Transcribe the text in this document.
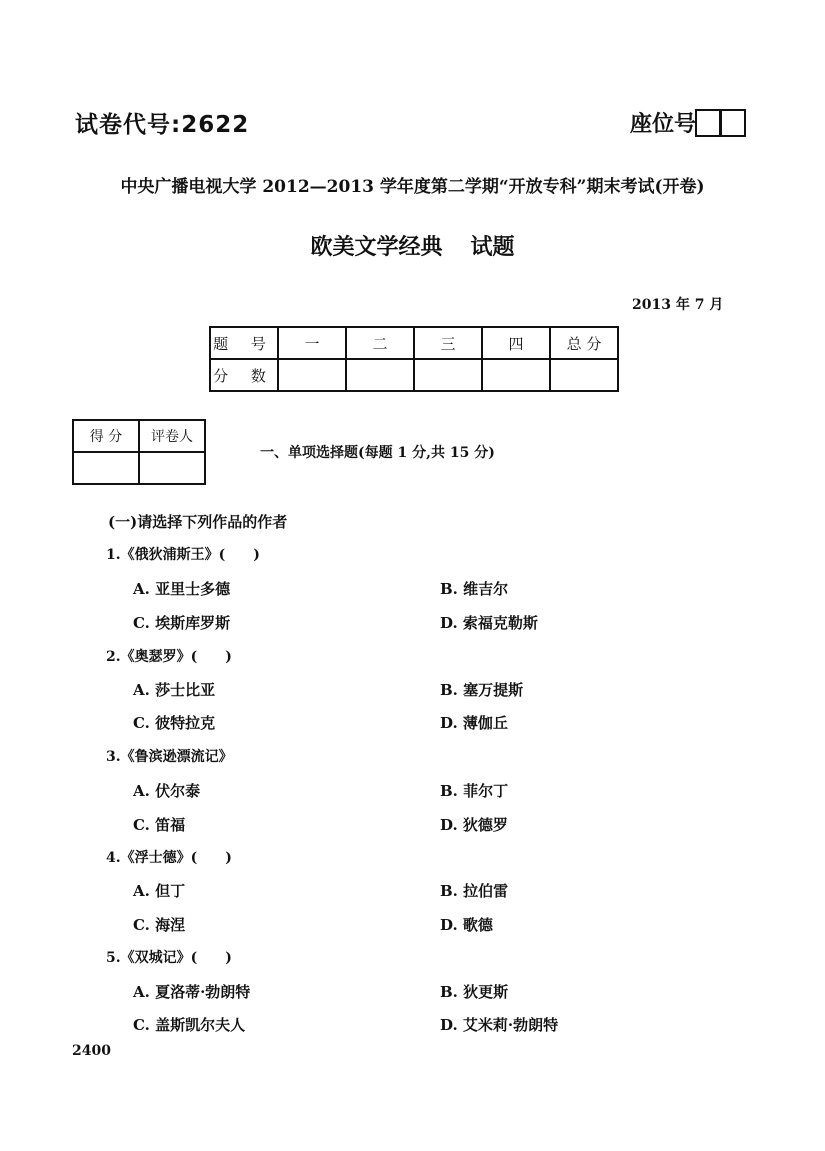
试卷代号:2622	座位号
中央广播电视大学 2012—2013 学年度第二学期“开放专科”期末考试(开卷)
欧美文学经典 试题
2013 年 7 月
题 号	一	二	三	四	总 分
分 数					
得 分	评卷人

一、单项选择题(每题 1 分,共 15 分)
(一)请选择下列作品的作者
1.《俄狄浦斯王》(　　)
A. 亚里士多德	B. 维吉尔
C. 埃斯库罗斯	D. 索福克勒斯
2.《奥瑟罗》(　　)
A. 莎士比亚	B. 塞万提斯
C. 彼特拉克	D. 薄伽丘
3.《鲁滨逊漂流记》
A. 伏尔泰	B. 菲尔丁
C. 笛福	D. 狄德罗
4.《浮士德》(　　)
A. 但丁	B. 拉伯雷
C. 海涅	D. 歌德
5.《双城记》(　　)
A. 夏洛蒂·勃朗特	B. 狄更斯
C. 盖斯凯尔夫人	D. 艾米莉·勃朗特
2400
